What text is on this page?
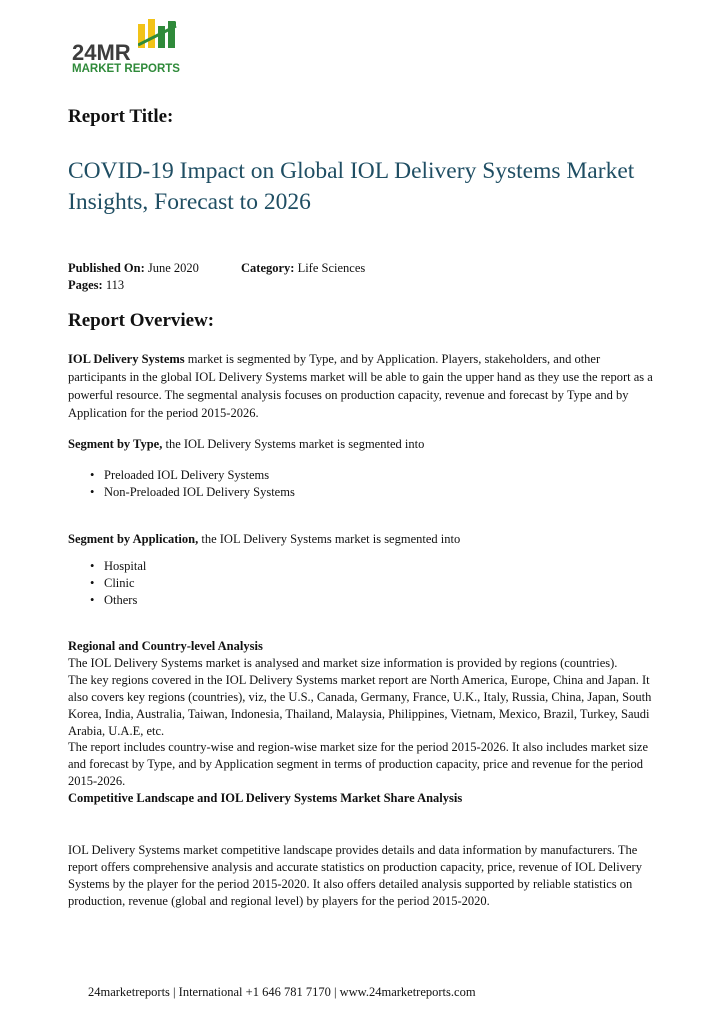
24MR
MARKET REPORTS
Report Title:
COVID-19 Impact on Global IOL Delivery Systems Market Insights, Forecast to 2026
Published On: June 2020	Category: Life Sciences
Pages: 113
Report Overview:

IOL Delivery Systems market is segmented by Type, and by Application. Players, stakeholders, and other participants in the global IOL Delivery Systems market will be able to gain the upper hand as they use the report as a powerful resource. The segmental analysis focuses on production capacity, revenue and forecast by Type and by Application for the period 2015-2026.

Segment by Type, the IOL Delivery Systems market is segmented into

• Preloaded IOL Delivery Systems
• Non-Preloaded IOL Delivery Systems

Segment by Application, the IOL Delivery Systems market is segmented into

• Hospital
• Clinic
• Others
Regional and Country-level Analysis
The IOL Delivery Systems market is analysed and market size information is provided by regions (countries).
The key regions covered in the IOL Delivery Systems market report are North America, Europe, China and Japan. It also covers key regions (countries), viz, the U.S., Canada, Germany, France, U.K., Italy, Russia, China, Japan, South Korea, India, Australia, Taiwan, Indonesia, Thailand, Malaysia, Philippines, Vietnam, Mexico, Brazil, Turkey, Saudi Arabia, U.A.E, etc.
The report includes country-wise and region-wise market size for the period 2015-2026. It also includes market size and forecast by Type, and by Application segment in terms of production capacity, price and revenue for the period 2015-2026.
Competitive Landscape and IOL Delivery Systems Market Share Analysis

IOL Delivery Systems market competitive landscape provides details and data information by manufacturers. The report offers comprehensive analysis and accurate statistics on production capacity, price, revenue of IOL Delivery Systems by the player for the period 2015-2020. It also offers detailed analysis supported by reliable statistics on production, revenue (global and regional level) by players for the period 2015-2020.

24marketreports | International +1 646 781 7170 | www.24marketreports.com
